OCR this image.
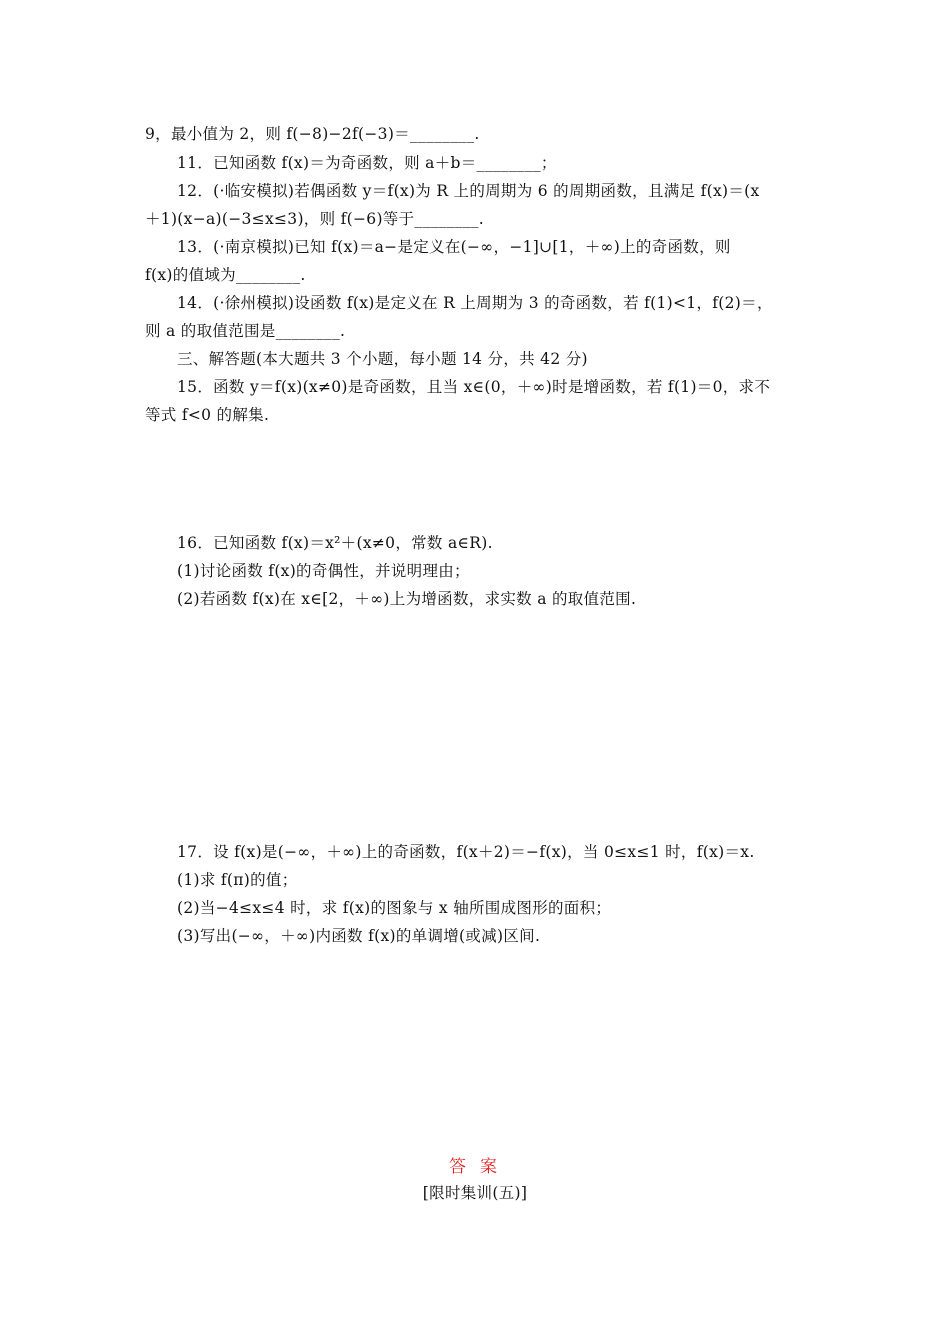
9，最小值为 2，则 f(−8)−2f(−3)＝________.
11．已知函数 f(x)＝为奇函数，则 a＋b＝________；
12．(·临安模拟)若偶函数 y＝f(x)为 R 上的周期为 6 的周期函数，且满足 f(x)＝(x
＋1)(x−a)(−3≤x≤3)，则 f(−6)等于________.
13．(·南京模拟)已知 f(x)＝a−是定义在(−∞，−1]∪[1，＋∞)上的奇函数，则
f(x)的值域为________.
14．(·徐州模拟)设函数 f(x)是定义在 R 上周期为 3 的奇函数，若 f(1)<1，f(2)＝，
则 a 的取值范围是________.
三、解答题(本大题共 3 个小题，每小题 14 分，共 42 分)
15．函数 y＝f(x)(x≠0)是奇函数，且当 x∈(0，＋∞)时是增函数，若 f(1)＝0，求不
等式 f<0 的解集.
16．已知函数 f(x)＝x²＋(x≠0，常数 a∈R).
(1)讨论函数 f(x)的奇偶性，并说明理由；
(2)若函数 f(x)在 x∈[2，＋∞)上为增函数，求实数 a 的取值范围.
17．设 f(x)是(−∞，＋∞)上的奇函数，f(x＋2)＝−f(x)，当 0≤x≤1 时，f(x)＝x.
(1)求 f(π)的值；
(2)当−4≤x≤4 时，求 f(x)的图象与 x 轴所围成图形的面积；
(3)写出(−∞，＋∞)内函数 f(x)的单调增(或减)区间.
答案
[限时集训(五)]
